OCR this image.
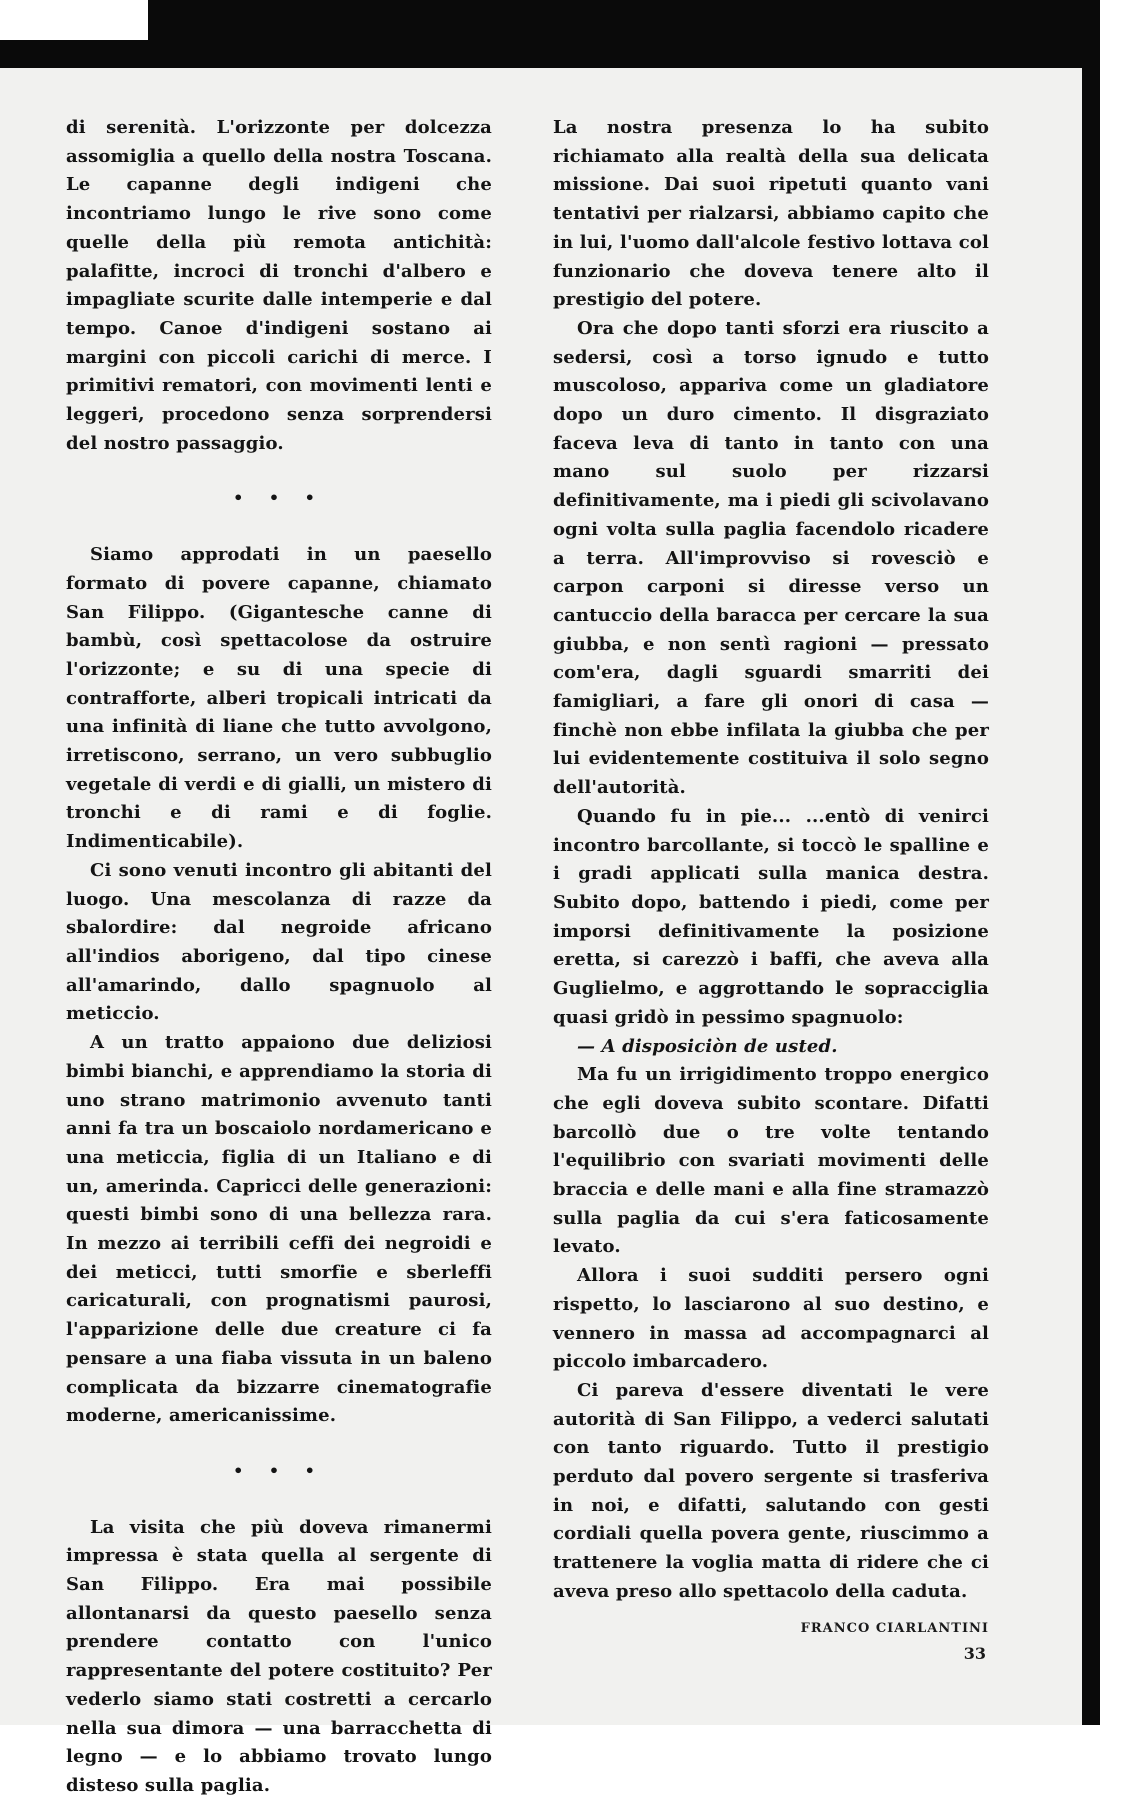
di serenità. L'orizzonte per dolcezza assomiglia a quello della nostra Toscana. Le capanne degli indigeni che incontriamo lungo le rive sono come quelle della più remota antichità: palafitte, incroci di tronchi d'albero e impagliate scurite dalle intemperie e dal tempo. Canoe d'indigeni sostano ai margini con piccoli carichi di merce. I primitivi rematori, con movimenti lenti e leggeri, procedono senza sorprendersi del nostro passaggio.

• • •

Siamo approdati in un paesello formato di povere capanne, chiamato San Filippo. (Gigantesche canne di bambù, così spettacolose da ostruire l'orizzonte; e su di una specie di contrafforte, alberi tropicali intricati da una infinità di liane che tutto avvolgono, irretiscono, serrano, un vero subbuglio vegetale di verdi e di gialli, un mistero di tronchi e di rami e di foglie. Indimenticabile).

Ci sono venuti incontro gli abitanti del luogo. Una mescolanza di razze da sbalordire: dal negroide africano all'indios aborigeno, dal tipo cinese all'amarindo, dallo spagnuolo al meticcio.

A un tratto appaiono due deliziosi bimbi bianchi, e apprendiamo la storia di uno strano matrimonio avvenuto tanti anni fa tra un boscaiolo nordamericano e una meticcia, figlia di un Italiano e di un, amerinda. Capricci delle generazioni: questi bimbi sono di una bellezza rara. In mezzo ai terribili ceffi dei negroidi e dei meticci, tutti smorfie e sberleffi caricaturali, con prognatismi paurosi, l'apparizione delle due creature ci fa pensare a una fiaba vissuta in un baleno complicata da bizzarre cinematografie moderne, americanissime.

• • •

La visita che più doveva rimanermi impressa è stata quella al sergente di San Filippo. Era mai possibile allontanarsi da questo paesello senza prendere contatto con l'unico rappresentante del potere costituito? Per vederlo siamo stati costretti a cercarlo nella sua dimora — una barracchetta di legno — e lo abbiamo trovato lungo disteso sulla paglia.

La nostra presenza lo ha subito richiamato alla realtà della sua delicata missione. Dai suoi ripetuti quanto vani tentativi per rialzarsi, abbiamo capito che in lui, l'uomo dall'alcole festivo lottava col funzionario che doveva tenere alto il prestigio del potere.

Ora che dopo tanti sforzi era riuscito a sedersi, così a torso ignudo e tutto muscoloso, appariva come un gladiatore dopo un duro cimento. Il disgraziato faceva leva di tanto in tanto con una mano sul suolo per rizzarsi definitivamente, ma i piedi gli scivolavano ogni volta sulla paglia facendolo ricadere a terra. All'improvviso si rovesciò e carpon carponi si diresse verso un cantuccio della baracca per cercare la sua giubba, e non sentì ragioni — pressato com'era, dagli sguardi smarriti dei famigliari, a fare gli onori di casa — finchè non ebbe infilata la giubba che per lui evidentemente costituiva il solo segno dell'autorità.

Quando fu in pie... ...entò di venirci incontro barcollante, si toccò le spalline e i gradi applicati sulla manica destra. Subito dopo, battendo i piedi, come per imporsi definitivamente la posizione eretta, si carezzò i baffi, che aveva alla Guglielmo, e aggrottando le sopracciglia quasi gridò in pessimo spagnuolo:

— A disposiciòn de usted.

Ma fu un irrigidimento troppo energico che egli doveva subito scontare. Difatti barcollò due o tre volte tentando l'equilibrio con svariati movimenti delle braccia e delle mani e alla fine stramazzò sulla paglia da cui s'era faticosamente levato.

Allora i suoi sudditi persero ogni rispetto, lo lasciarono al suo destino, e vennero in massa ad accompagnarci al piccolo imbarcadero.

Ci pareva d'essere diventati le vere autorità di San Filippo, a vederci salutati con tanto riguardo. Tutto il prestigio perduto dal povero sergente si trasferiva in noi, e difatti, salutando con gesti cordiali quella povera gente, riuscimmo a trattenere la voglia matta di ridere che ci aveva preso allo spettacolo della caduta.

FRANCO CIARLANTINI
33
